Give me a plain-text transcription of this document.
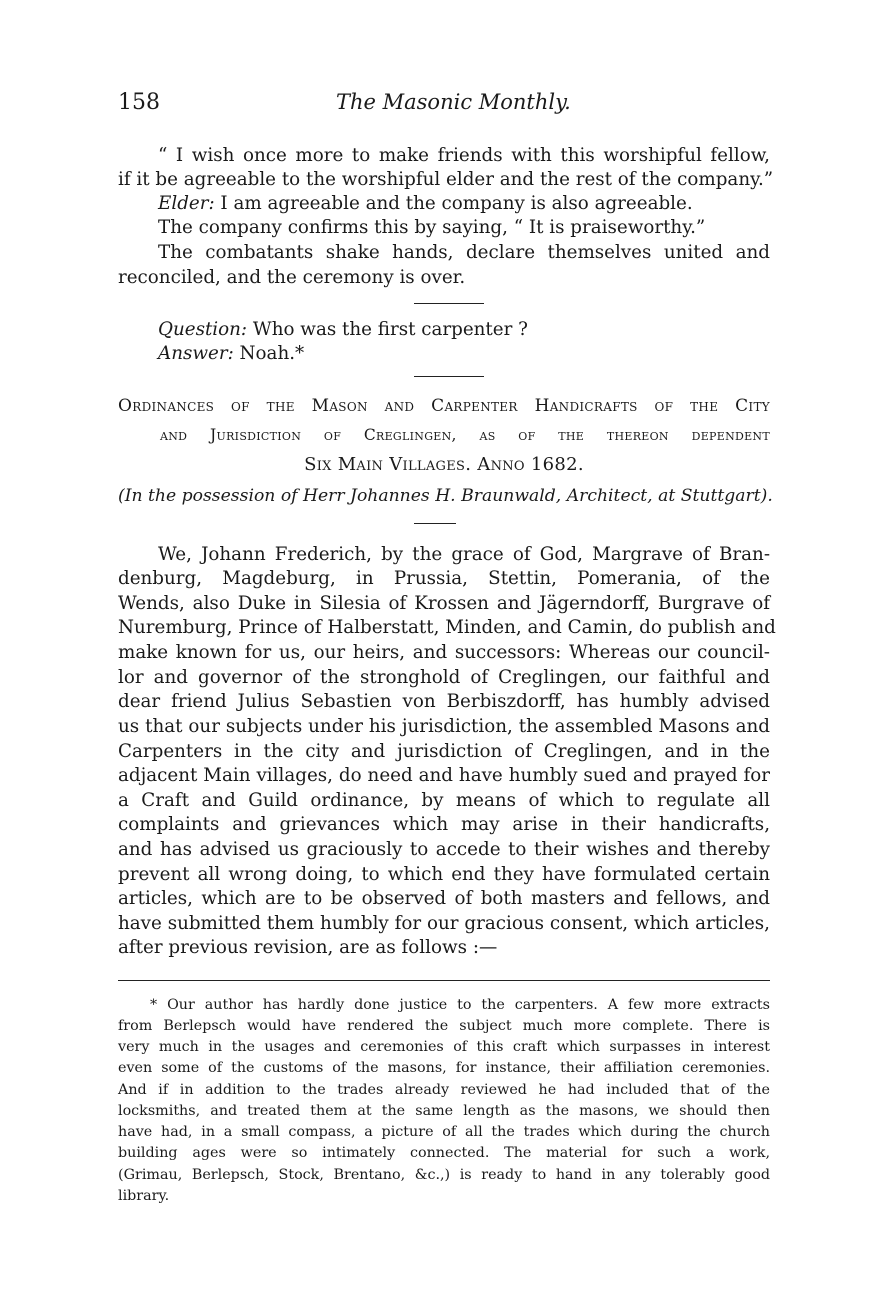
158	The Masonic Monthly.
“ I wish once more to make friends with this worshipful fellow,
if it be agreeable to the worshipful elder and the rest of the company.”
Elder: I am agreeable and the company is also agreeable.
The company confirms this by saying, “ It is praiseworthy.”
The combatants shake hands, declare themselves united and
reconciled, and the ceremony is over.
Question: Who was the first carpenter ?
Answer: Noah.*
Ordinances of the Mason and Carpenter Handicrafts of the City
and Jurisdiction of Creglingen, as of the thereon dependent
Six Main Villages. Anno 1682.
(In the possession of Herr Johannes H. Braunwald, Architect, at Stuttgart).
We, Johann Frederich, by the grace of God, Margrave of Bran-
denburg, Magdeburg, in Prussia, Stettin, Pomerania, of the
Wends, also Duke in Silesia of Krossen and Jägerndorff, Burgrave of
Nuremburg, Prince of Halberstatt, Minden, and Camin, do publish and
make known for us, our heirs, and successors: Whereas our council-
lor and governor of the stronghold of Creglingen, our faithful and
dear friend Julius Sebastien von Berbiszdorff, has humbly advised
us that our subjects under his jurisdiction, the assembled Masons and
Carpenters in the city and jurisdiction of Creglingen, and in the
adjacent Main villages, do need and have humbly sued and prayed for
a Craft and Guild ordinance, by means of which to regulate all
complaints and grievances which may arise in their handicrafts,
and has advised us graciously to accede to their wishes and thereby
prevent all wrong doing, to which end they have formulated certain
articles, which are to be observed of both masters and fellows, and
have submitted them humbly for our gracious consent, which articles,
after previous revision, are as follows :—
* Our author has hardly done justice to the carpenters. A few more extracts
from Berlepsch would have rendered the subject much more complete. There is
very much in the usages and ceremonies of this craft which surpasses in interest
even some of the customs of the masons, for instance, their affiliation ceremonies.
And if in addition to the trades already reviewed he had included that of the
locksmiths, and treated them at the same length as the masons, we should then
have had, in a small compass, a picture of all the trades which during the church
building ages were so intimately connected. The material for such a work,
(Grimau, Berlepsch, Stock, Brentano, &c.,) is ready to hand in any tolerably good
library.
